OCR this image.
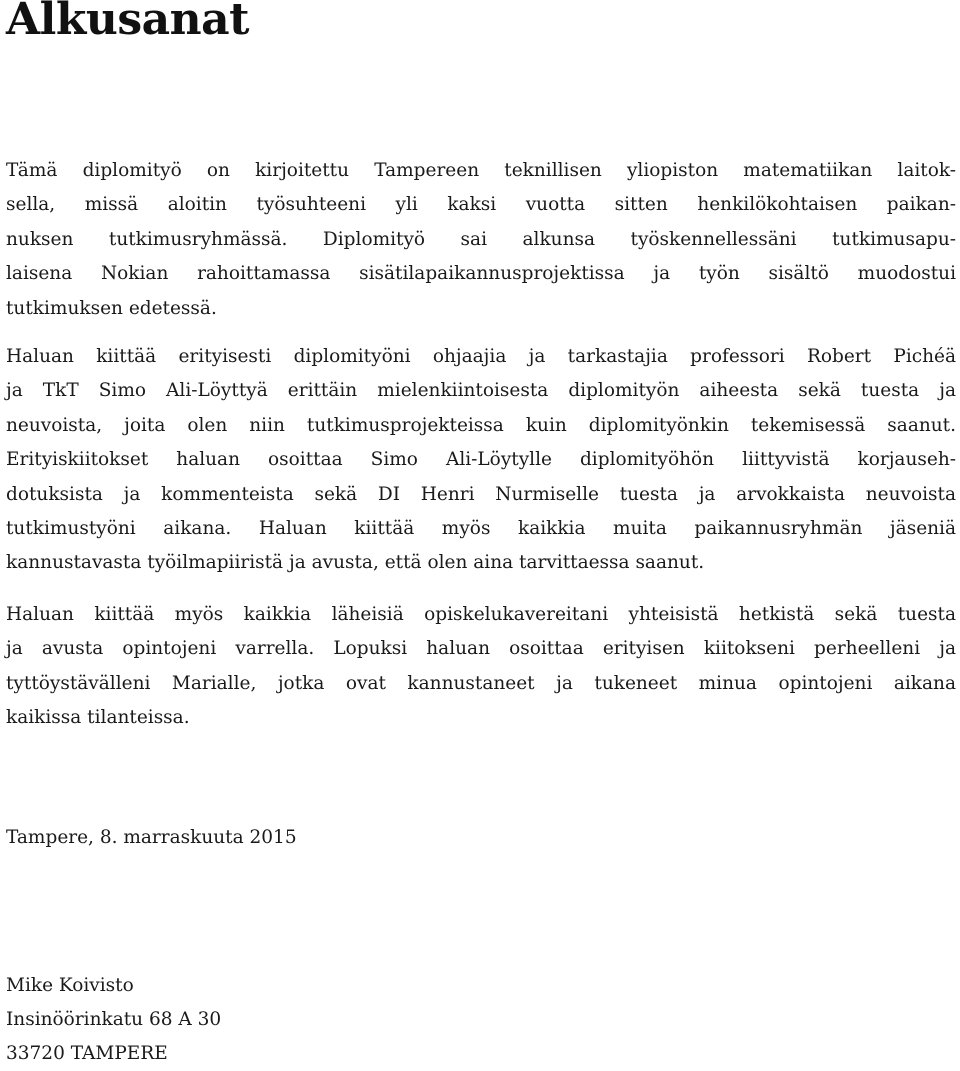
Alkusanat
Tämä diplomityö on kirjoitettu Tampereen teknillisen yliopiston matematiikan laitok-
sella, missä aloitin työsuhteeni yli kaksi vuotta sitten henkilökohtaisen paikan-
nuksen tutkimusryhmässä. Diplomityö sai alkunsa työskennellessäni tutkimusapu-
laisena Nokian rahoittamassa sisätilapaikannusprojektissa ja työn sisältö muodostui
tutkimuksen edetessä.
Haluan kiittää erityisesti diplomityöni ohjaajia ja tarkastajia professori Robert Pichéä
ja TkT Simo Ali-Löyttyä erittäin mielenkiintoisesta diplomityön aiheesta sekä tuesta ja
neuvoista, joita olen niin tutkimusprojekteissa kuin diplomityönkin tekemisessä saanut.
Erityiskiitokset haluan osoittaa Simo Ali-Löytylle diplomityöhön liittyvistä korjauseh-
dotuksista ja kommenteista sekä DI Henri Nurmiselle tuesta ja arvokkaista neuvoista
tutkimustyöni aikana. Haluan kiittää myös kaikkia muita paikannusryhmän jäseniä
kannustavasta työilmapiiristä ja avusta, että olen aina tarvittaessa saanut.
Haluan kiittää myös kaikkia läheisiä opiskelukavereitani yhteisistä hetkistä sekä tuesta
ja avusta opintojeni varrella. Lopuksi haluan osoittaa erityisen kiitokseni perheelleni ja
tyttöystävälleni Marialle, jotka ovat kannustaneet ja tukeneet minua opintojeni aikana
kaikissa tilanteissa.

Tampere, 8. marraskuuta 2015

Mike Koivisto
Insinöörinkatu 68 A 30
33720 TAMPERE
